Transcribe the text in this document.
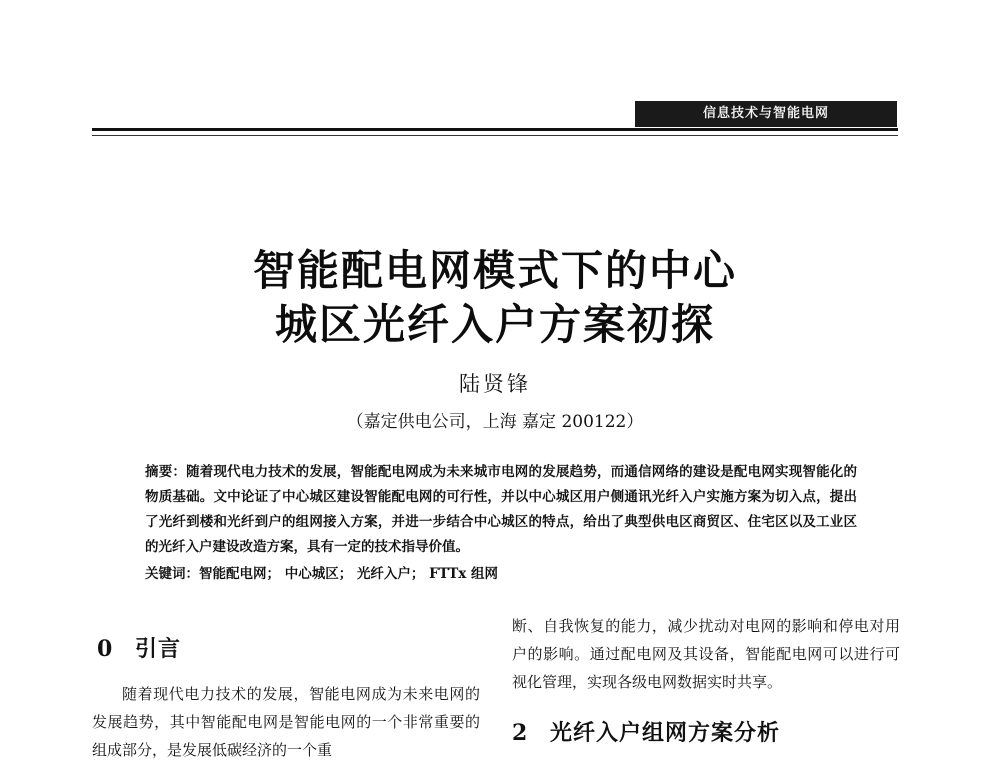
信息技术与智能电网
智能配电网模式下的中心
城区光纤入户方案初探
陆贤锋
（嘉定供电公司，上海 嘉定 200122）
摘要：随着现代电力技术的发展，智能配电网成为未来城市电网的发展趋势，而通信网络的建设是配电网实现智能化的物质基础。文中论证了中心城区建设智能配电网的可行性，并以中心城区用户侧通讯光纤入户实施方案为切入点，提出了光纤到楼和光纤到户的组网接入方案，并进一步结合中心城区的特点，给出了典型供电区商贸区、住宅区以及工业区的光纤入户建设改造方案，具有一定的技术指导价值。
关键词：智能配电网； 中心城区； 光纤入户； FTTx 组网
0 引言
随着现代电力技术的发展，智能电网成为未来电网的发展趋势，其中智能配电网是智能电网的一个非常重要的组成部分，是发展低碳经济的一个重
断、自我恢复的能力，减少扰动对电网的影响和停电对用户的影响。通过配电网及其设备，智能配电网可以进行可视化管理，实现各级电网数据实时共享。
2 光纤入户组网方案分析
